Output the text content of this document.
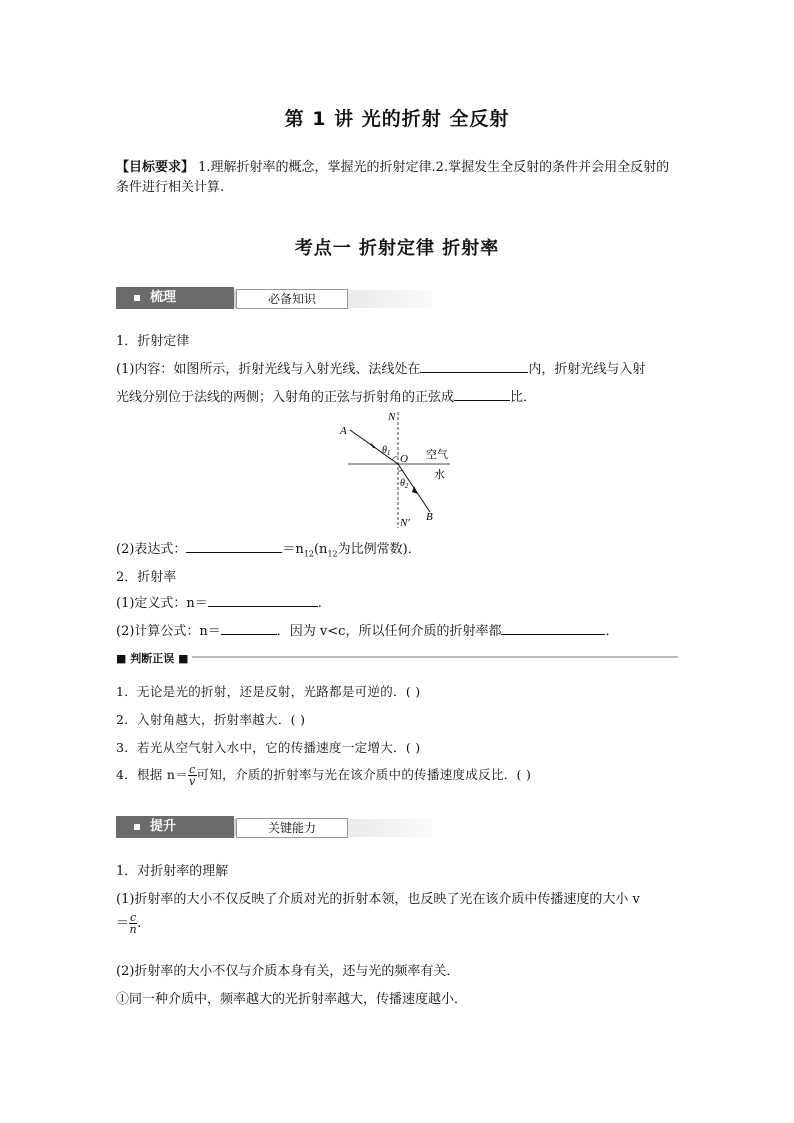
第 1 讲 光的折射 全反射
【目标要求】 1.理解折射率的概念，掌握光的折射定律.2.掌握发生全反射的条件并会用全反射的条件进行相关计算.
考点一 折射定律 折射率
梳理	必备知识
1．折射定律
(1)内容：如图所示，折射光线与入射光线、法线处在	内，折射光线与入射
光线分别位于法线的两侧；入射角的正弦与折射角的正弦成	比．
N
N′
A
B
O
$\theta_1$
$\theta_2$
空气
水
(2)表达式：	$=n_{12}(n_{12}$为比例常数)．
2．折射率
(1)定义式：n＝	.
(2)计算公式：n＝	．因为 v<c，所以任何介质的折射率都	．
■ 判断正误 ■
1．无论是光的折射，还是反射，光路都是可逆的．( )
2．入射角越大，折射率越大．( )
3．若光从空气射入水中，它的传播速度一定增大．( )
4．根据 $n= \frac{c}{v}$ 可知，介质的折射率与光在该介质中的传播速度成反比．( )
提升	关键能力
1．对折射率的理解
(1)折射率的大小不仅反映了介质对光的折射本领，也反映了光在该介质中传播速度的大小 v
＝ $\frac{c}{n}$ .
(2)折射率的大小不仅与介质本身有关，还与光的频率有关．
①同一种介质中，频率越大的光折射率越大，传播速度越小．
